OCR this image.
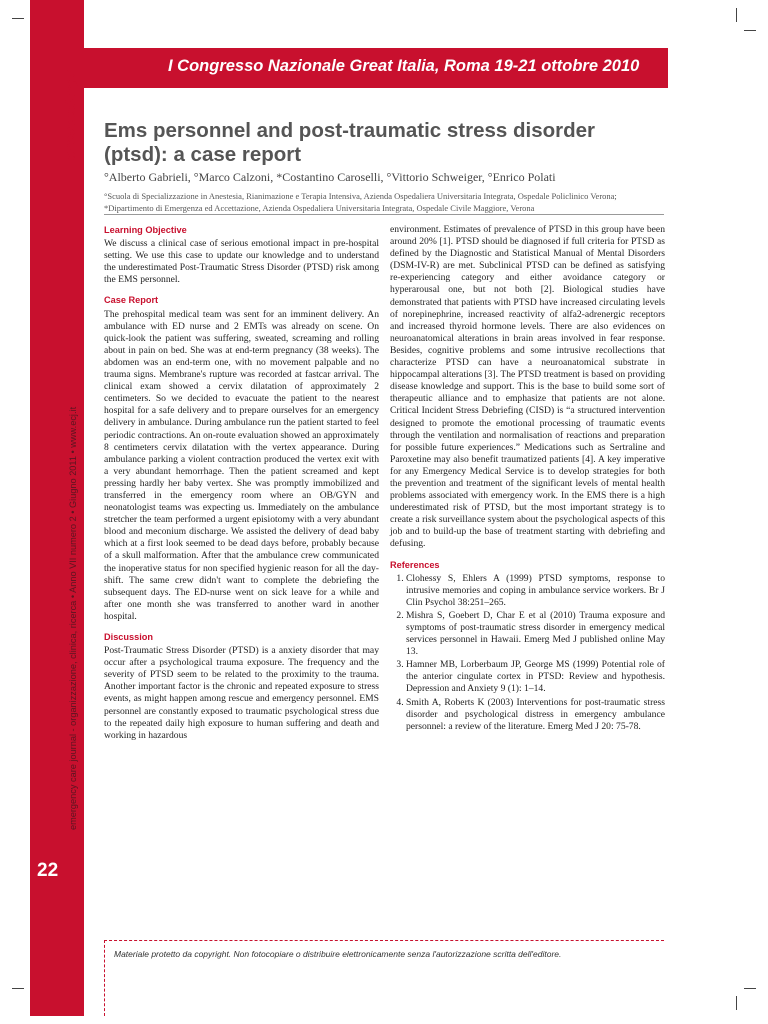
I Congresso Nazionale Great Italia, Roma 19-21 ottobre 2010
proceedings
emergency care journal - organizzazione, clinica, ricerca • Anno VII numero 2 • Giugno 2011 • www.ecj.it
22
Ems personnel and post-traumatic stress disorder (ptsd): a case report
°Alberto Gabrieli, °Marco Calzoni, *Costantino Caroselli, °Vittorio Schweiger, °Enrico Polati
°Scuola di Specializzazione in Anestesia, Rianimazione e Terapia Intensiva, Azienda Ospedaliera Universitaria Integrata, Ospedale Policlinico Verona; *Dipartimento di Emergenza ed Accettazione, Azienda Ospedaliera Universitaria Integrata, Ospedale Civile Maggiore, Verona
Learning Objective
We discuss a clinical case of serious emotional impact in pre-hospital setting. We use this case to update our knowledge and to understand the underestimated Post-Traumatic Stress Disorder (PTSD) risk among the EMS personnel.
Case Report
The prehospital medical team was sent for an imminent delivery. An ambulance with ED nurse and 2 EMTs was already on scene. On quick-look the patient was suffering, sweated, screaming and rolling about in pain on bed. She was at end-term pregnancy (38 weeks). The abdomen was an end-term one, with no movement palpable and no trauma signs. Membrane's rupture was recorded at fastcar arrival. The clinical exam showed a cervix dilatation of approximately 2 centimeters. So we decided to evacuate the patient to the nearest hospital for a safe delivery and to prepare ourselves for an emergency delivery in ambulance. During ambulance run the patient started to feel periodic contractions. An on-route evaluation showed an approximately 8 centimeters cervix dilatation with the vertex appearance. During ambulance parking a violent contraction produced the vertex exit with a very abundant hemorrhage. Then the patient screamed and kept pressing hardly her baby vertex. She was promptly immobilized and transferred in the emergency room where an OB/GYN and neonatologist teams was expecting us. Immediately on the ambulance stretcher the team performed a urgent episiotomy with a very abundant blood and meconium discharge. We assisted the delivery of dead baby which at a first look seemed to be dead days before, probably because of a skull malformation. After that the ambulance crew communicated the inoperative status for non specified hygienic reason for all the day-shift. The same crew didn't want to complete the debriefing the subsequent days. The ED-nurse went on sick leave for a while and after one month she was transferred to another ward in another hospital.
Discussion
Post-Traumatic Stress Disorder (PTSD) is a anxiety disorder that may occur after a psychological trauma exposure. The frequency and the severity of PTSD seem to be related to the proximity to the trauma. Another important factor is the chronic and repeated exposure to stress events, as might happen among rescue and emergency personnel. EMS personnel are constantly exposed to traumatic psychological stress due to the repeated daily high exposure to human suffering and death and working in hazardous
environment. Estimates of prevalence of PTSD in this group have been around 20% [1]. PTSD should be diagnosed if full criteria for PTSD as defined by the Diagnostic and Statistical Manual of Mental Disorders (DSM-IV-R) are met. Subclinical PTSD can be defined as satisfying re-experiencing category and either avoidance category or hyperarousal one, but not both [2]. Biological studies have demonstrated that patients with PTSD have increased circulating levels of norepinephrine, increased reactivity of alfa2-adrenergic receptors and increased thyroid hormone levels. There are also evidences on neuroanatomical alterations in brain areas involved in fear response. Besides, cognitive problems and some intrusive recollections that characterize PTSD can have a neuroanatomical substrate in hippocampal alterations [3]. The PTSD treatment is based on providing disease knowledge and support. This is the base to build some sort of therapeutic alliance and to emphasize that patients are not alone. Critical Incident Stress Debriefing (CISD) is “a structured intervention designed to promote the emotional processing of traumatic events through the ventilation and normalisation of reactions and preparation for possible future experiences.” Medications such as Sertraline and Paroxetine may also benefit traumatized patients [4]. A key imperative for any Emergency Medical Service is to develop strategies for both the prevention and treatment of the significant levels of mental health problems associated with emergency work. In the EMS there is a high underestimated risk of PTSD, but the most important strategy is to create a risk surveillance system about the psychological aspects of this job and to build-up the base of treatment starting with debriefing and defusing.
References
1. Clohessy S, Ehlers A (1999) PTSD symptoms, response to intrusive memories and coping in ambulance service workers. Br J Clin Psychol 38:251–265.
2. Mishra S, Goebert D, Char E et al (2010) Trauma exposure and symptoms of post-traumatic stress disorder in emergency medical services personnel in Hawaii. Emerg Med J published online May 13.
3. Hamner MB, Lorberbaum JP, George MS (1999) Potential role of the anterior cingulate cortex in PTSD: Review and hypothesis. Depression and Anxiety 9 (1): 1–14.
4. Smith A, Roberts K (2003) Interventions for post-traumatic stress disorder and psychological distress in emergency ambulance personnel: a review of the literature. Emerg Med J 20: 75-78.
Materiale protetto da copyright. Non fotocopiare o distribuire elettronicamente senza l'autorizzazione scritta dell'editore.
